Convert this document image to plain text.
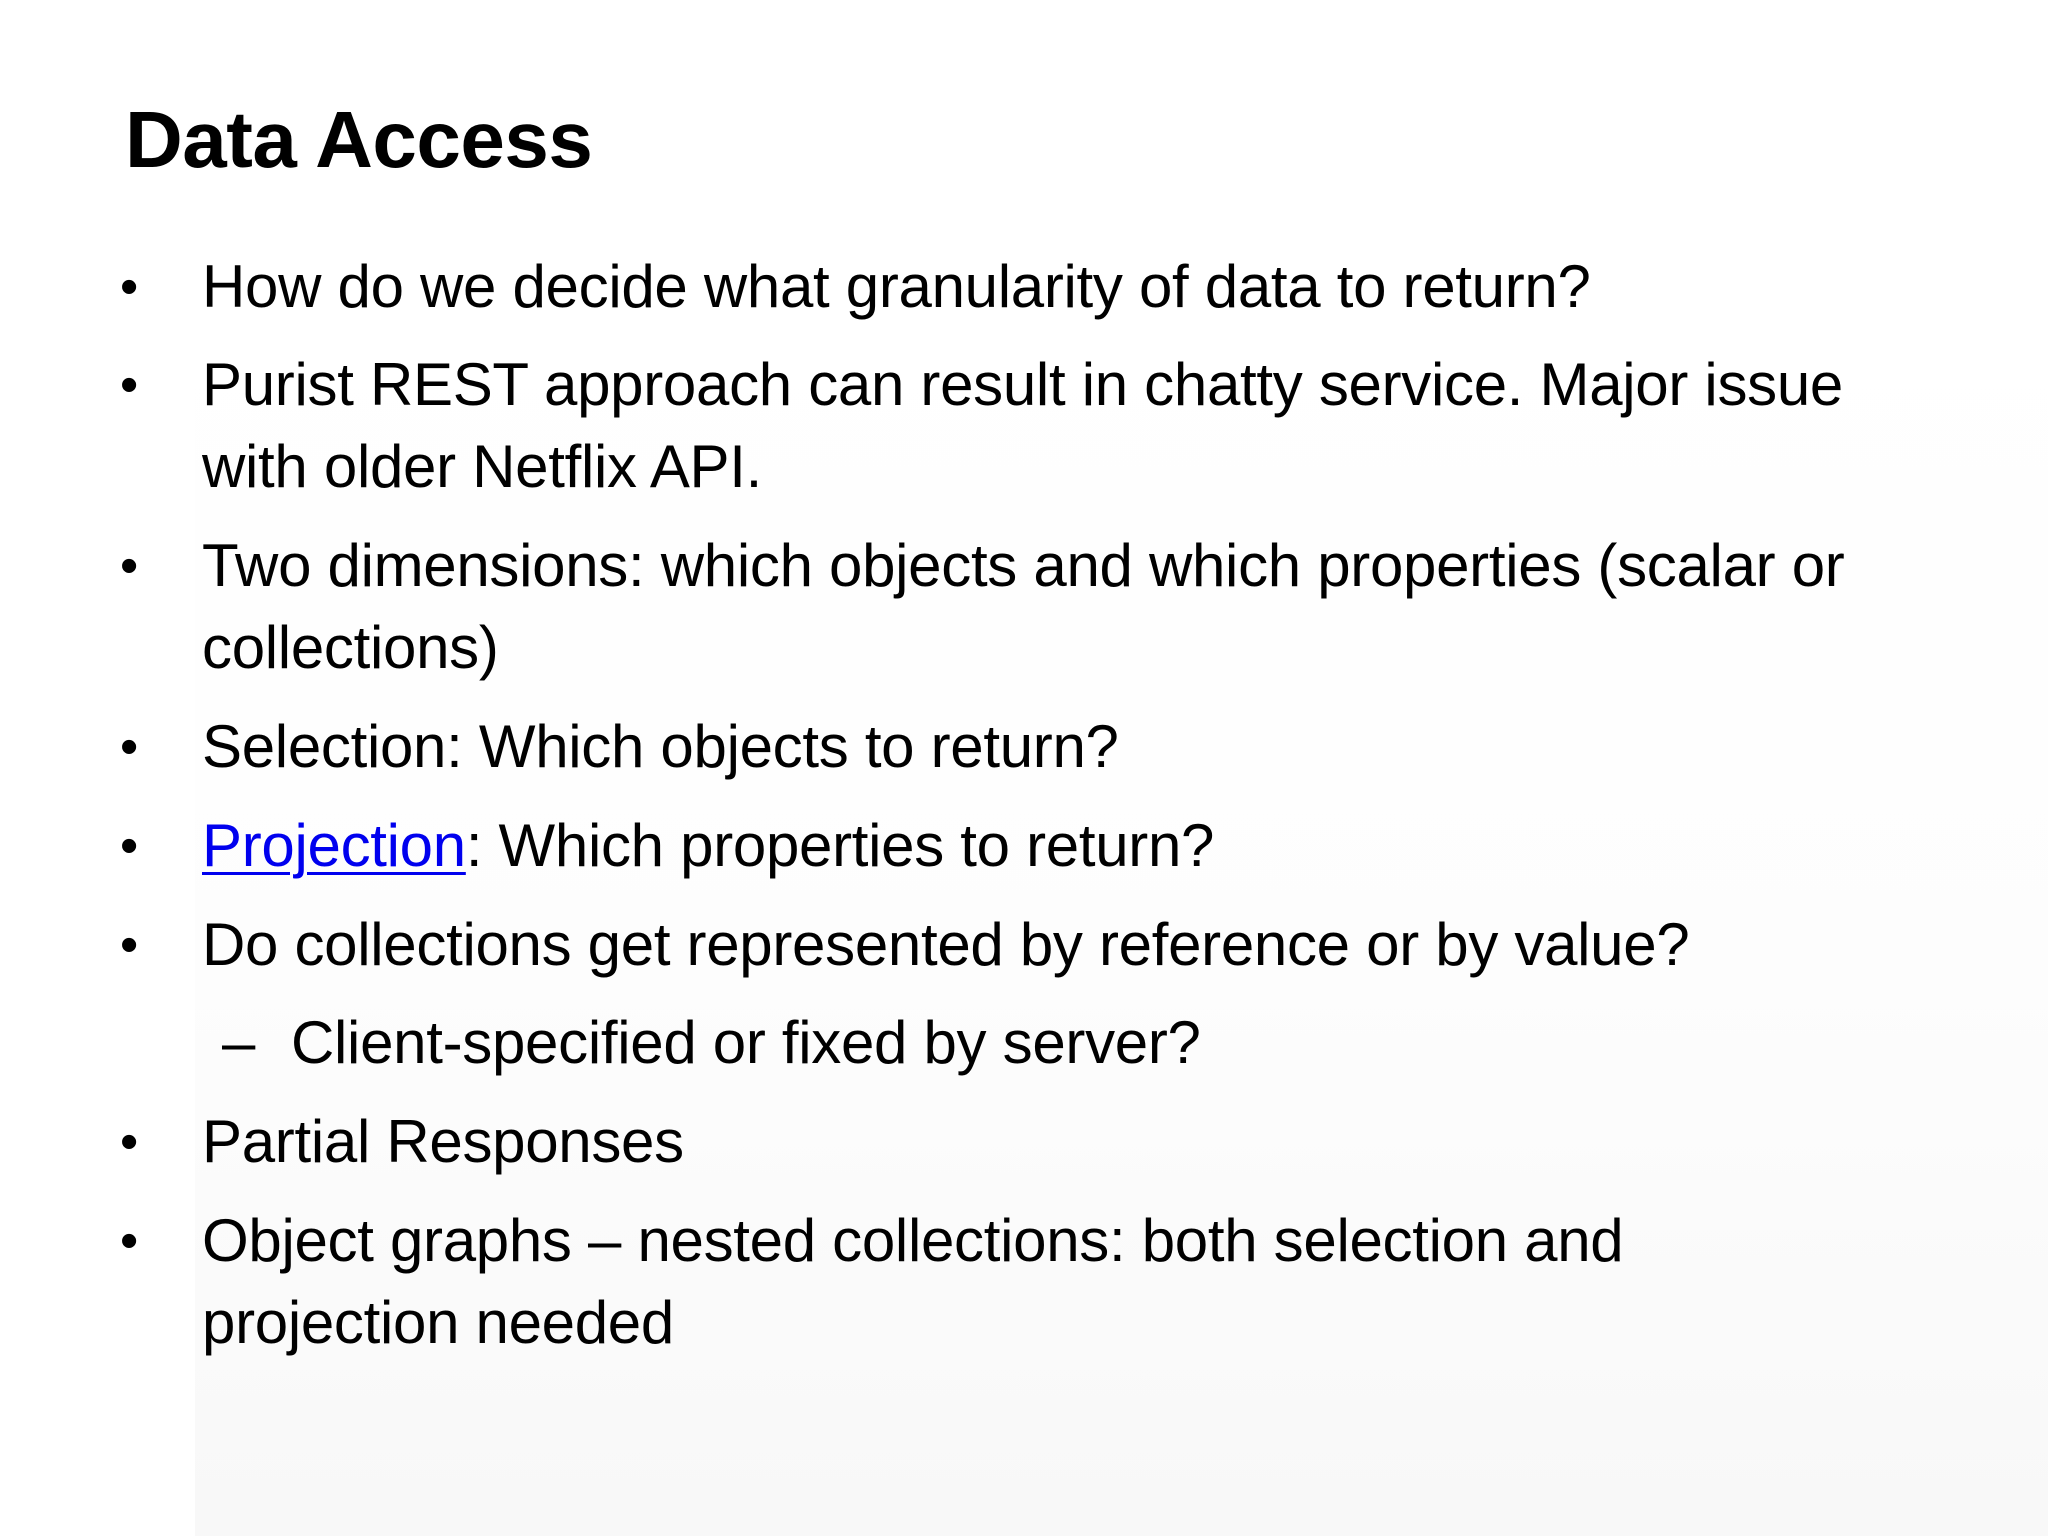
Data Access
• How do we decide what granularity of data to return?
• Purist REST approach can result in chatty service. Major issue with older Netflix API.
• Two dimensions: which objects and which properties (scalar or collections)
• Selection: Which objects to return?
• Projection: Which properties to return?
• Do collections get represented by reference or by value?
– Client-specified or fixed by server?
• Partial Responses
• Object graphs – nested collections: both selection and projection needed
